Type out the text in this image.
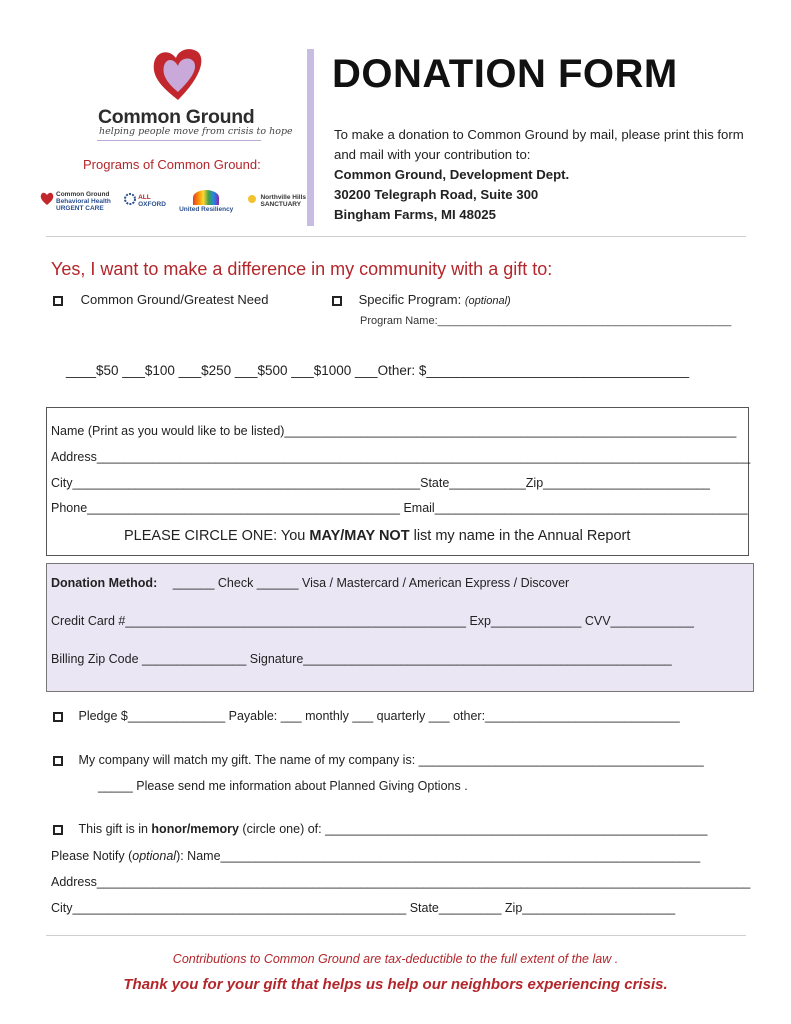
Common Ground
helping people move from crisis to hope
Programs of Common Ground:
Common Ground
Behavioral Health
URGENT CARE
ALL
OXFORD
United Resiliency
Northville Hills
SANCTUARY
DONATION FORM
To make a donation to Common Ground by mail, please print this form and mail with your contribution to:
Common Ground, Development Dept.
30200 Telegraph Road, Suite 300
Bingham Farms, MI 48025
Yes, I want to make a difference in my community with a gift to:
Common Ground/Greatest Need	Specific Program: (optional)
Program Name:________________________________________________
____$50 ___$100 ___$250 ___$500 ___$1000 ___Other: $___________________________________
Name (Print as you would like to be listed)_________________________________________________________________
Address______________________________________________________________________________________________
City__________________________________________________State___________Zip________________________
Phone_____________________________________________ Email_____________________________________________
PLEASE CIRCLE ONE: You MAY/MAY NOT list my name in the Annual Report
Donation Method: ______ Check ______ Visa / Mastercard / American Express / Discover
Credit Card #_________________________________________________ Exp_____________ CVV____________
Billing Zip Code _______________ Signature_____________________________________________________
Pledge $______________ Payable: ___ monthly ___ quarterly ___ other:____________________________
My company will match my gift. The name of my company is: _________________________________________
_____ Please send me information about Planned Giving Options .
This gift is in honor/memory (circle one) of: _______________________________________________________
Please Notify (optional): Name_____________________________________________________________________
Address______________________________________________________________________________________________
City________________________________________________ State_________ Zip______________________
Contributions to Common Ground are tax-deductible to the full extent of the law .
Thank you for your gift that helps us help our neighbors experiencing crisis.
